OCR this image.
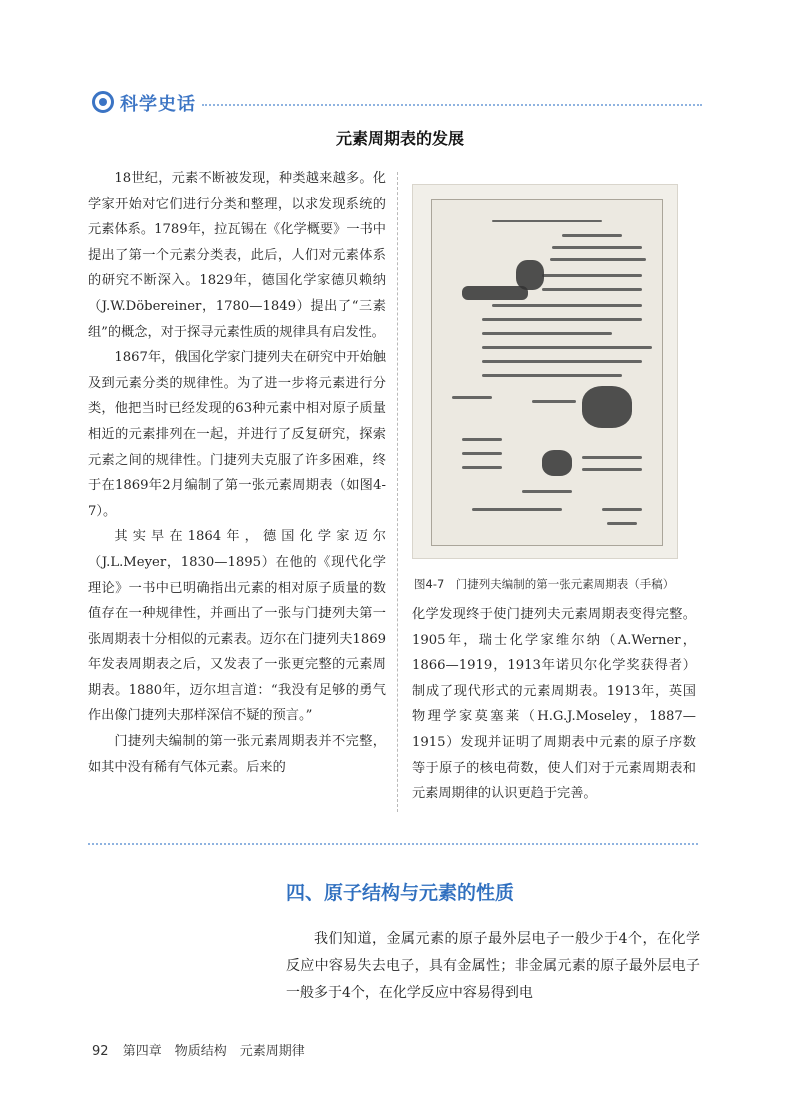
科学史话
元素周期表的发展

18世纪，元素不断被发现，种类越来越多。化学家开始对它们进行分类和整理，以求发现系统的元素体系。1789年，拉瓦锡在《化学概要》一书中提出了第一个元素分类表，此后，人们对元素体系的研究不断深入。1829年，德国化学家德贝赖纳（J.W.Döbereiner，1780—1849）提出了“三素组”的概念，对于探寻元素性质的规律具有启发性。

1867年，俄国化学家门捷列夫在研究中开始触及到元素分类的规律性。为了进一步将元素进行分类，他把当时已经发现的63种元素中相对原子质量相近的元素排列在一起，并进行了反复研究，探索元素之间的规律性。门捷列夫克服了许多困难，终于在1869年2月编制了第一张元素周期表（如图4-7）。

其实早在1864年，德国化学家迈尔（J.L.Meyer，1830—1895）在他的《现代化学理论》一书中已明确指出元素的相对原子质量的数值存在一种规律性，并画出了一张与门捷列夫第一张周期表十分相似的元素表。迈尔在门捷列夫1869年发表周期表之后，又发表了一张更完整的元素周期表。1880年，迈尔坦言道：“我没有足够的勇气作出像门捷列夫那样深信不疑的预言。”

门捷列夫编制的第一张元素周期表并不完整，如其中没有稀有气体元素。后来的

图4-7　门捷列夫编制的第一张元素周期表（手稿）

化学发现终于使门捷列夫元素周期表变得完整。1905年，瑞士化学家维尔纳（A.Werner，1866—1919，1913年诺贝尔化学奖获得者）制成了现代形式的元素周期表。1913年，英国物理学家莫塞莱（H.G.J.Moseley，1887—1915）发现并证明了周期表中元素的原子序数等于原子的核电荷数，使人们对于元素周期表和元素周期律的认识更趋于完善。

四、原子结构与元素的性质

我们知道，金属元素的原子最外层电子一般少于4个，在化学反应中容易失去电子，具有金属性；非金属元素的原子最外层电子一般多于4个，在化学反应中容易得到电

92 第四章　物质结构　元素周期律
